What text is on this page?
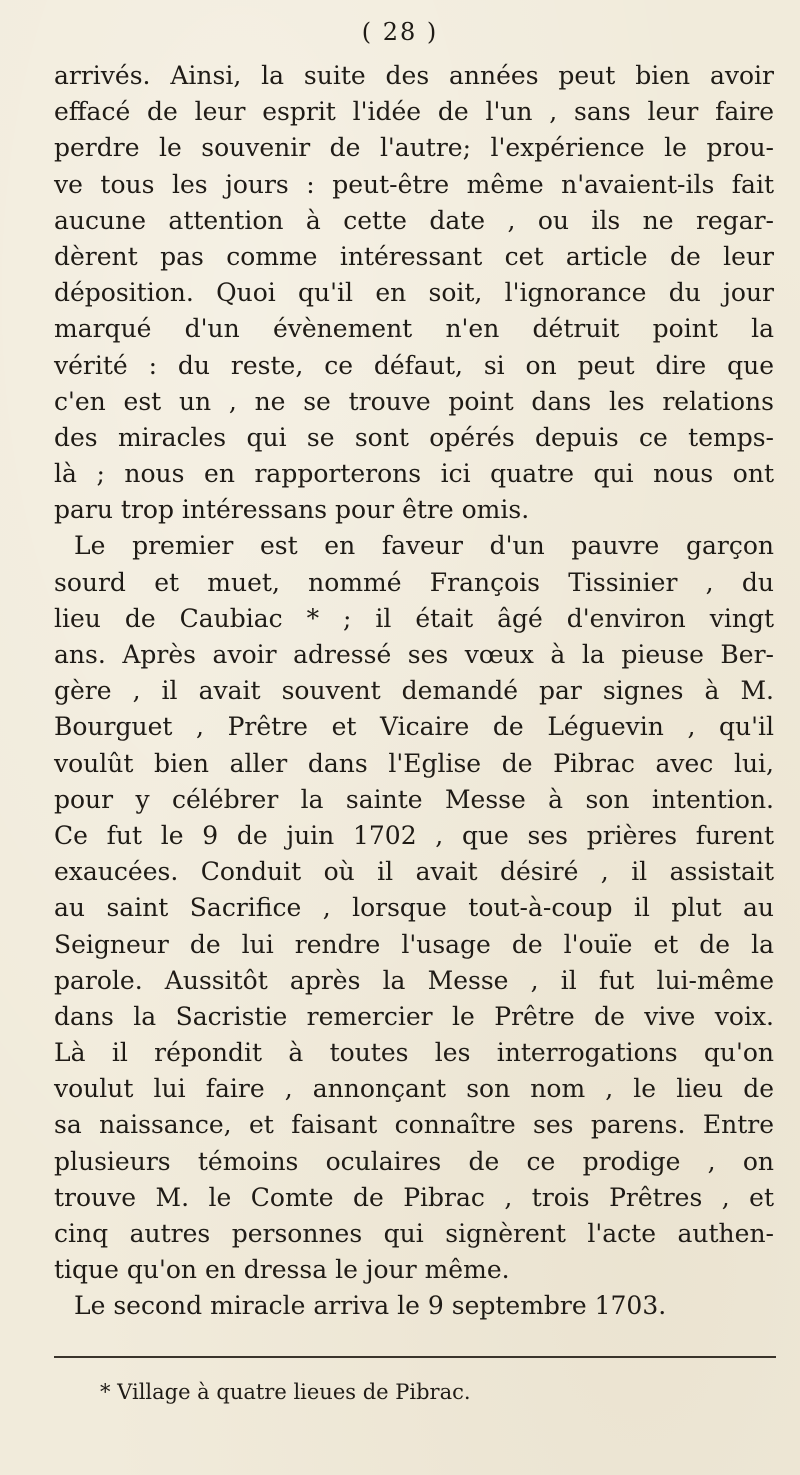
( 28 )
arrivés. Ainsi, la suite des années peut bien avoir
effacé de leur esprit l'idée de l'un , sans leur faire
perdre le souvenir de l'autre; l'expérience le prou-
ve tous les jours : peut-être même n'avaient-ils fait
aucune attention à cette date , ou ils ne regar-
dèrent pas comme intéressant cet article de leur
déposition. Quoi qu'il en soit, l'ignorance du jour
marqué d'un évènement n'en détruit point la
vérité : du reste, ce défaut, si on peut dire que
c'en est un , ne se trouve point dans les relations
des miracles qui se sont opérés depuis ce temps-
là ; nous en rapporterons ici quatre qui nous ont
paru trop intéressans pour être omis.
Le premier est en faveur d'un pauvre garçon
sourd et muet, nommé François Tissinier , du
lieu de Caubiac * ; il était âgé d'environ vingt
ans. Après avoir adressé ses vœux à la pieuse Ber-
gère , il avait souvent demandé par signes à M.
Bourguet , Prêtre et Vicaire de Léguevin , qu'il
voulût bien aller dans l'Eglise de Pibrac avec lui,
pour y célébrer la sainte Messe à son intention.
Ce fut le 9 de juin 1702 , que ses prières furent
exaucées. Conduit où il avait désiré , il assistait
au saint Sacrifice , lorsque tout-à-coup il plut au
Seigneur de lui rendre l'usage de l'ouïe et de la
parole. Aussitôt après la Messe , il fut lui-même
dans la Sacristie remercier le Prêtre de vive voix.
Là il répondit à toutes les interrogations qu'on
voulut lui faire , annonçant son nom , le lieu de
sa naissance, et faisant connaître ses parens. Entre
plusieurs témoins oculaires de ce prodige , on
trouve M. le Comte de Pibrac , trois Prêtres , et
cinq autres personnes qui signèrent l'acte authen-
tique qu'on en dressa le jour même.
Le second miracle arriva le 9 septembre 1703.
* Village à quatre lieues de Pibrac.
